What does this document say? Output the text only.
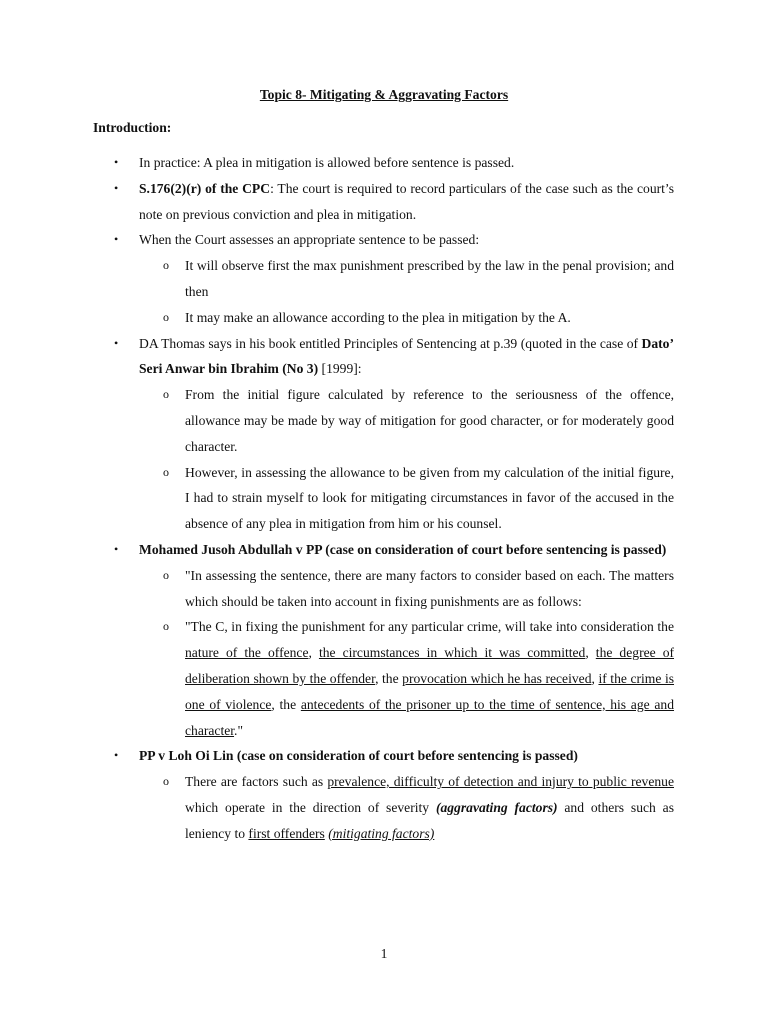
Topic 8- Mitigating & Aggravating Factors
Introduction:
• In practice: A plea in mitigation is allowed before sentence is passed.
• S.176(2)(r) of the CPC: The court is required to record particulars of the case such as the court’s note on previous conviction and plea in mitigation.
• When the Court assesses an appropriate sentence to be passed:
o It will observe first the max punishment prescribed by the law in the penal provision; and then
o It may make an allowance according to the plea in mitigation by the A.
• DA Thomas says in his book entitled Principles of Sentencing at p.39 (quoted in the case of Dato’ Seri Anwar bin Ibrahim (No 3) [1999]:
o From the initial figure calculated by reference to the seriousness of the offence, allowance may be made by way of mitigation for good character, or for moderately good character.
o However, in assessing the allowance to be given from my calculation of the initial figure, I had to strain myself to look for mitigating circumstances in favor of the accused in the absence of any plea in mitigation from him or his counsel.
• Mohamed Jusoh Abdullah v PP (case on consideration of court before sentencing is passed)
o "In assessing the sentence, there are many factors to consider based on each. The matters which should be taken into account in fixing punishments are as follows:
o "The C, in fixing the punishment for any particular crime, will take into consideration the nature of the offence, the circumstances in which it was committed, the degree of deliberation shown by the offender, the provocation which he has received, if the crime is one of violence, the antecedents of the prisoner up to the time of sentence, his age and character."
• PP v Loh Oi Lin (case on consideration of court before sentencing is passed)
o There are factors such as prevalence, difficulty of detection and injury to public revenue which operate in the direction of severity (aggravating factors) and others such as leniency to first offenders (mitigating factors)
1
